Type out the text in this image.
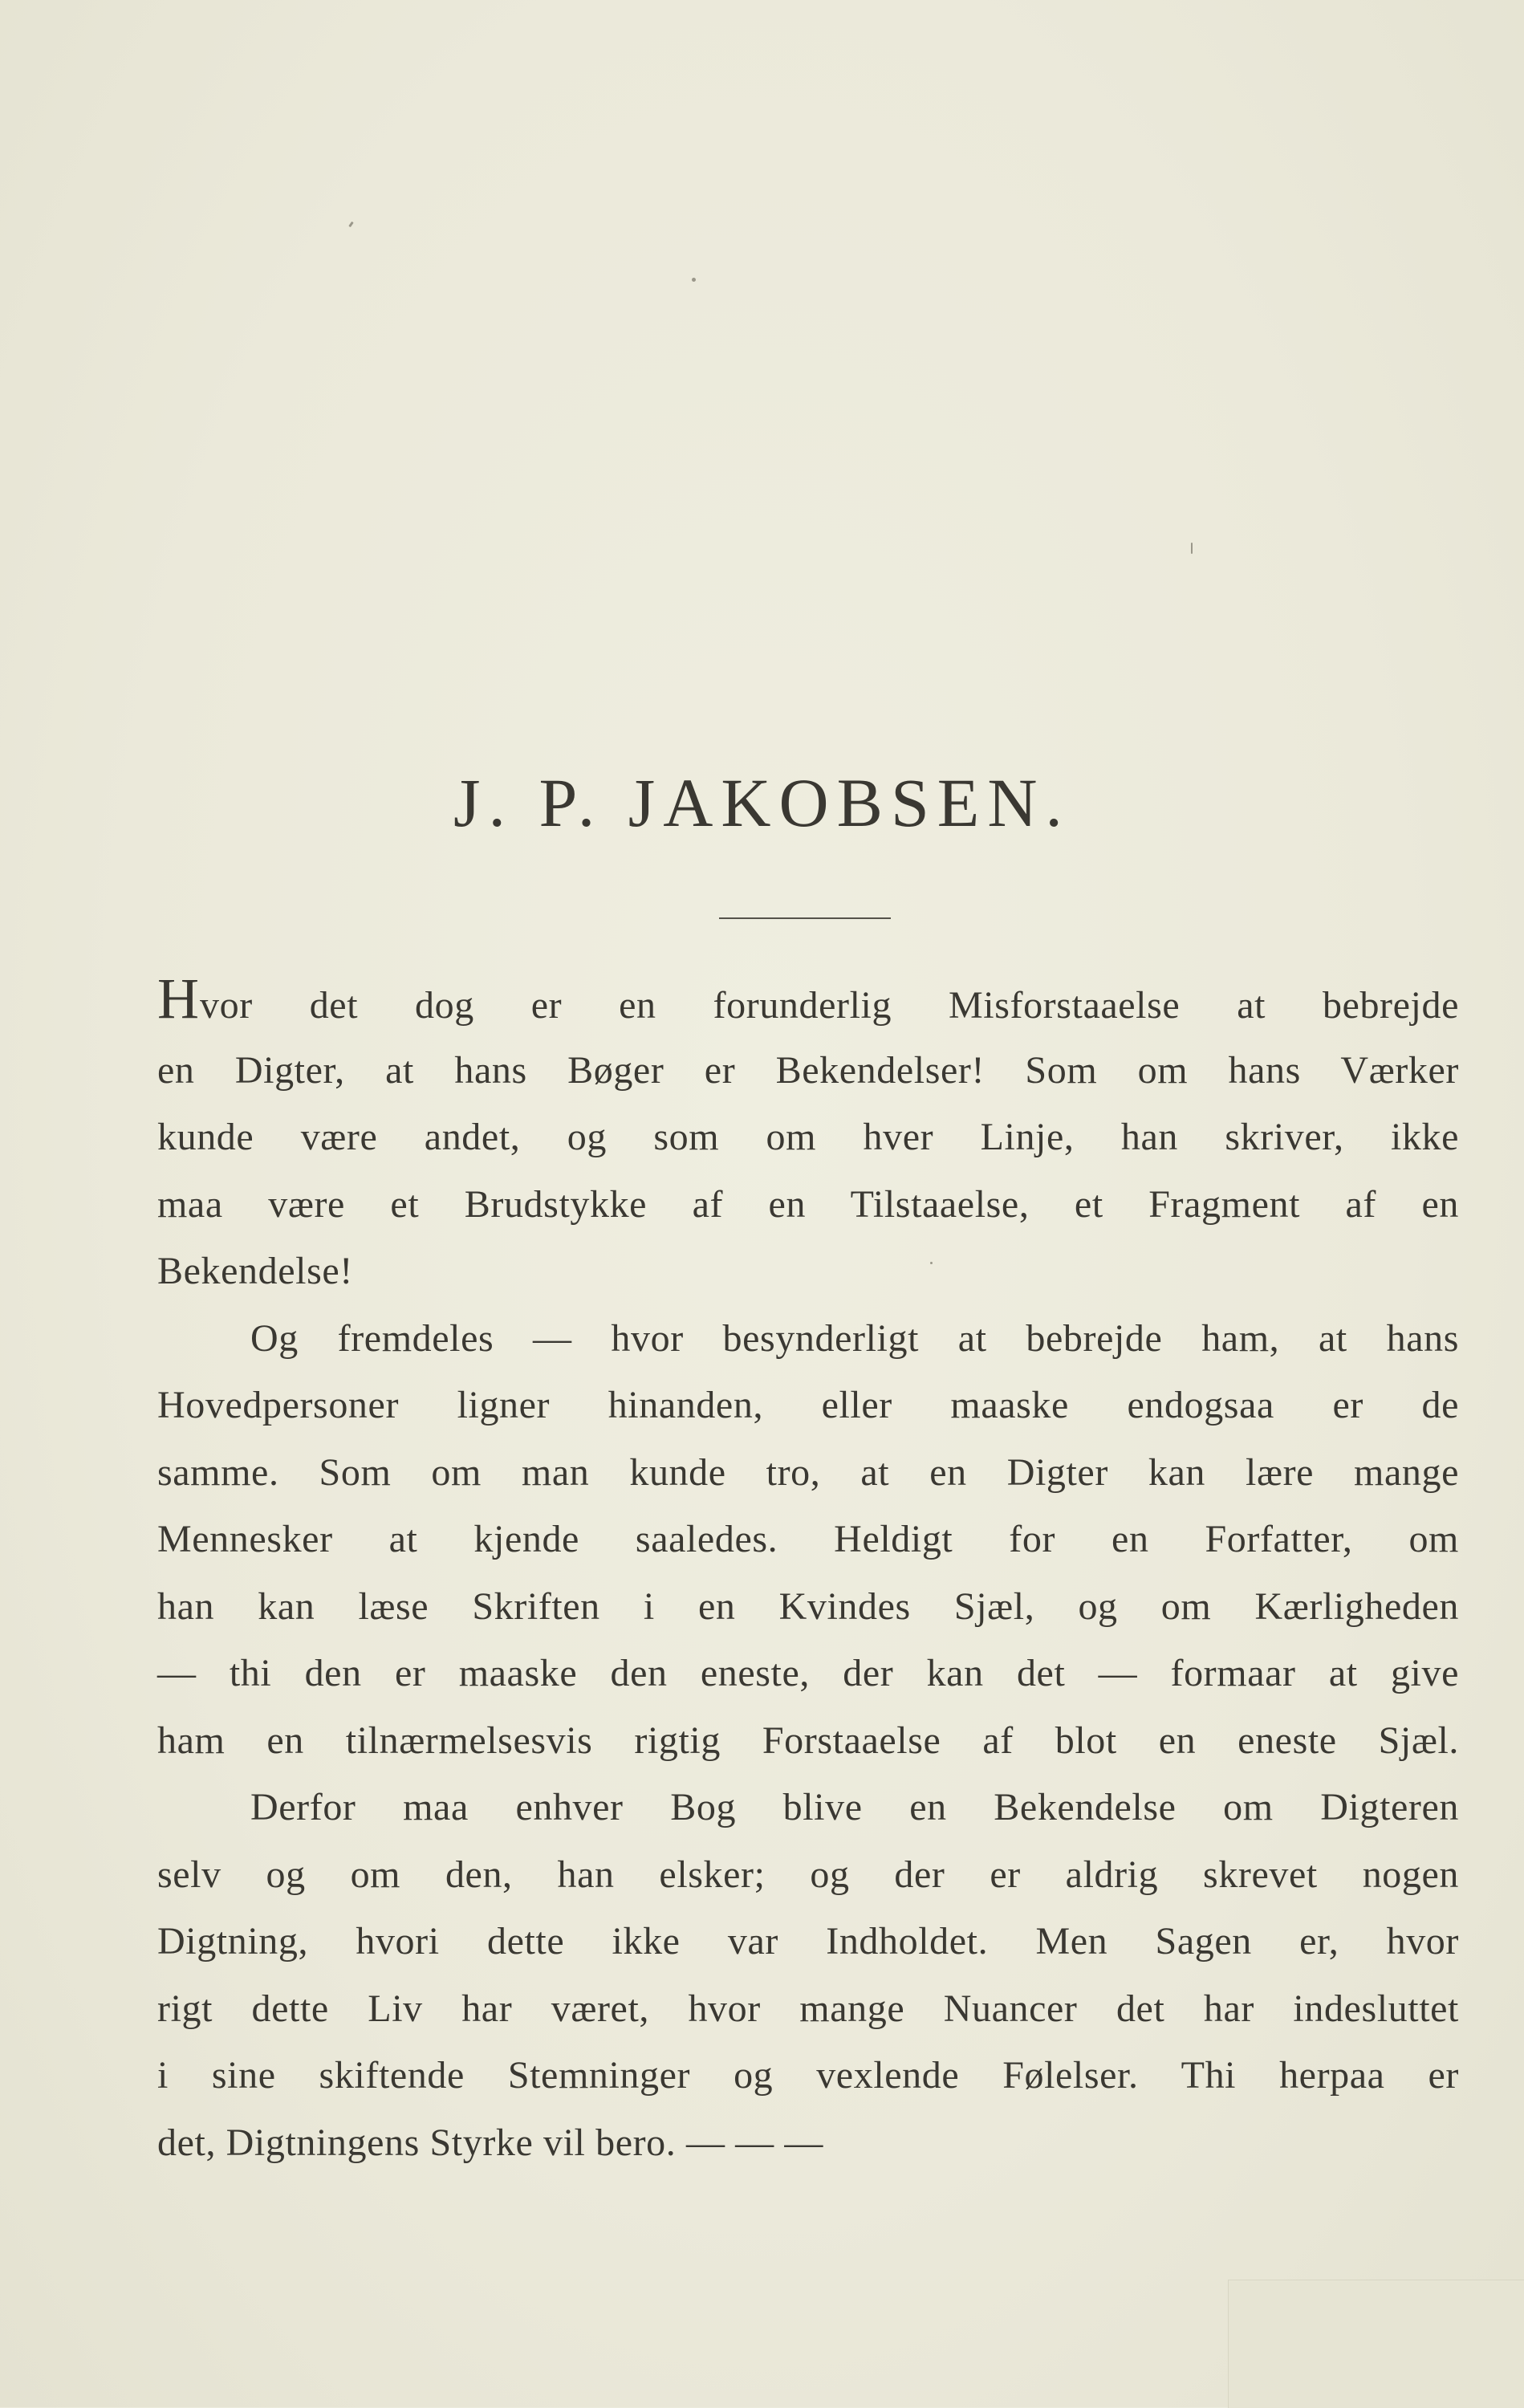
J. P. JAKOBSEN.
Hvor det dog er en forunderlig Misforstaaelse at bebrejde
en Digter, at hans Bøger er Bekendelser! Som om hans Værker
kunde være andet, og som om hver Linje, han skriver, ikke
maa være et Brudstykke af en Tilstaaelse, et Fragment af en
Bekendelse!
Og fremdeles — hvor besynderligt at bebrejde ham, at hans
Hovedpersoner ligner hinanden, eller maaske endogsaa er de
samme. Som om man kunde tro, at en Digter kan lære mange
Mennesker at kjende saaledes. Heldigt for en Forfatter, om
han kan læse Skriften i en Kvindes Sjæl, og om Kærligheden
— thi den er maaske den eneste, der kan det — formaar at give
ham en tilnærmelsesvis rigtig Forstaaelse af blot en eneste Sjæl.
Derfor maa enhver Bog blive en Bekendelse om Digteren
selv og om den, han elsker; og der er aldrig skrevet nogen
Digtning, hvori dette ikke var Indholdet. Men Sagen er, hvor
rigt dette Liv har været, hvor mange Nuancer det har indesluttet
i sine skiftende Stemninger og vexlende Følelser. Thi herpaa er
det, Digtningens Styrke vil bero. — — —
